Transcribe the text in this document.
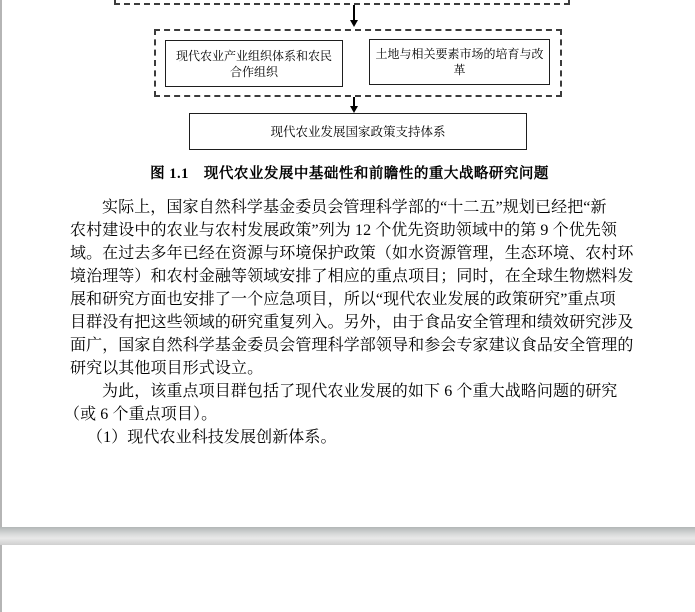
现代农业产业组织体系和农民
合作组织
土地与相关要素市场的培育与改革
现代农业发展国家政策支持体系
图 1.1　现代农业发展中基础性和前瞻性的重大战略研究问题
实际上，国家自然科学基金委员会管理科学部的“十二五”规划已经把“新
农村建设中的农业与农村发展政策”列为 12 个优先资助领域中的第 9 个优先领
域。在过去多年已经在资源与环境保护政策（如水资源管理，生态环境、农村环
境治理等）和农村金融等领域安排了相应的重点项目；同时，在全球生物燃料发
展和研究方面也安排了一个应急项目，所以“现代农业发展的政策研究”重点项
目群没有把这些领域的研究重复列入。另外，由于食品安全管理和绩效研究涉及
面广，国家自然科学基金委员会管理科学部领导和参会专家建议食品安全管理的
研究以其他项目形式设立。
为此，该重点项目群包括了现代农业发展的如下 6 个重大战略问题的研究
（或 6 个重点项目）。
（1）现代农业科技发展创新体系。
